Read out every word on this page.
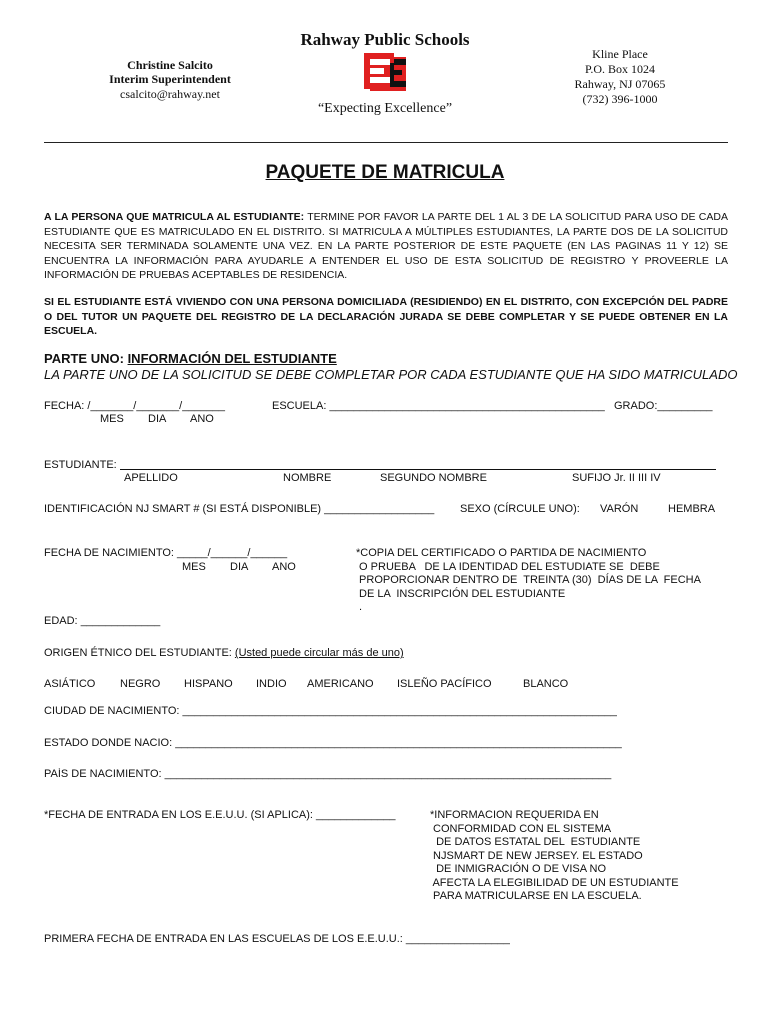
Rahway Public Schools
Christine Salcito
Interim Superintendent
csalcito@rahway.net
“Expecting Excellence”
Kline Place
P.O. Box 1024
Rahway, NJ 07065
(732) 396-1000
PAQUETE DE MATRICULA
A LA PERSONA QUE MATRICULA AL ESTUDIANTE: TERMINE POR FAVOR LA PARTE DEL 1 AL 3 DE LA SOLICITUD PARA USO DE CADA ESTUDIANTE QUE ES MATRICULADO EN EL DISTRITO. SI MATRICULA A MÚLTIPLES ESTUDIANTES, LA PARTE DOS DE LA SOLICITUD NECESITA SER TERMINADA SOLAMENTE UNA VEZ. EN LA PARTE POSTERIOR DE ESTE PAQUETE (EN LAS PAGINAS 11 Y 12) SE ENCUENTRA LA INFORMACIÓN PARA AYUDARLE A ENTENDER EL USO DE ESTA SOLICITUD DE REGISTRO Y PROVEERLE LA INFORMACIÓN DE PRUEBAS ACEPTABLES DE RESIDENCIA.
SI EL ESTUDIANTE ESTÁ VIVIENDO CON UNA PERSONA DOMICILIADA (RESIDIENDO) EN EL DISTRITO, CON EXCEPCIÓN DEL PADRE O DEL TUTOR UN PAQUETE DEL REGISTRO DE LA DECLARACIÓN JURADA SE DEBE COMPLETAR Y SE PUEDE OBTENER EN LA ESCUELA.
PARTE UNO: INFORMACIÓN DEL ESTUDIANTE
LA PARTE UNO DE LA SOLICITUD SE DEBE COMPLETAR POR CADA ESTUDIANTE QUE HA SIDO MATRICULADO
FECHA: /_______/_______/_______
MES DIA ANO
ESCUELA: _____________________________________________ GRADO:_________
ESTUDIANTE:
APELLIDO	NOMBRE	SEGUNDO NOMBRE	SUFIJO Jr. II III IV
IDENTIFICACIÓN NJ SMART # (SI ESTÁ DISPONIBLE) __________________ SEXO (CÍRCULE UNO): VARÓN	HEMBRA
FECHA DE NACIMIENTO: _____/______/______
MES DIA ANO
*COPIA DEL CERTIFICADO O PARTIDA DE NACIMIENTO
O PRUEBA   DE LA IDENTIDAD DEL ESTUDIATE SE  DEBE
PROPORCIONAR DENTRO DE  TREINTA (30)  DÍAS DE LA  FECHA
DE LA  INSCRIPCIÓN DEL ESTUDIANTE
.
EDAD: _____________
ORIGEN ÉTNICO DEL ESTUDIANTE: (Usted puede circular más de uno)
ASIÁTICO NEGRO HISPANO INDIO AMERICANO ISLEÑO PACÍFICO	BLANCO
CIUDAD DE NACIMIENTO: _______________________________________________________________________
ESTADO DONDE NACIO: _________________________________________________________________________
PAÍS DE NACIMIENTO: _________________________________________________________________________
*FECHA DE ENTRADA EN LOS E.E.U.U. (SI APLICA): _____________	*INFORMACION REQUERIDA EN
CONFORMIDAD CON EL SISTEMA
DE DATOS ESTATAL DEL  ESTUDIANTE
NJSMART DE NEW JERSEY. EL ESTADO
DE INMIGRACIÓN O DE VISA NO
AFECTA LA ELEGIBILIDAD DE UN ESTUDIANTE
PARA MATRICULARSE EN LA ESCUELA.
PRIMERA FECHA DE ENTRADA EN LAS ESCUELAS DE LOS E.E.U.U.: _________________
